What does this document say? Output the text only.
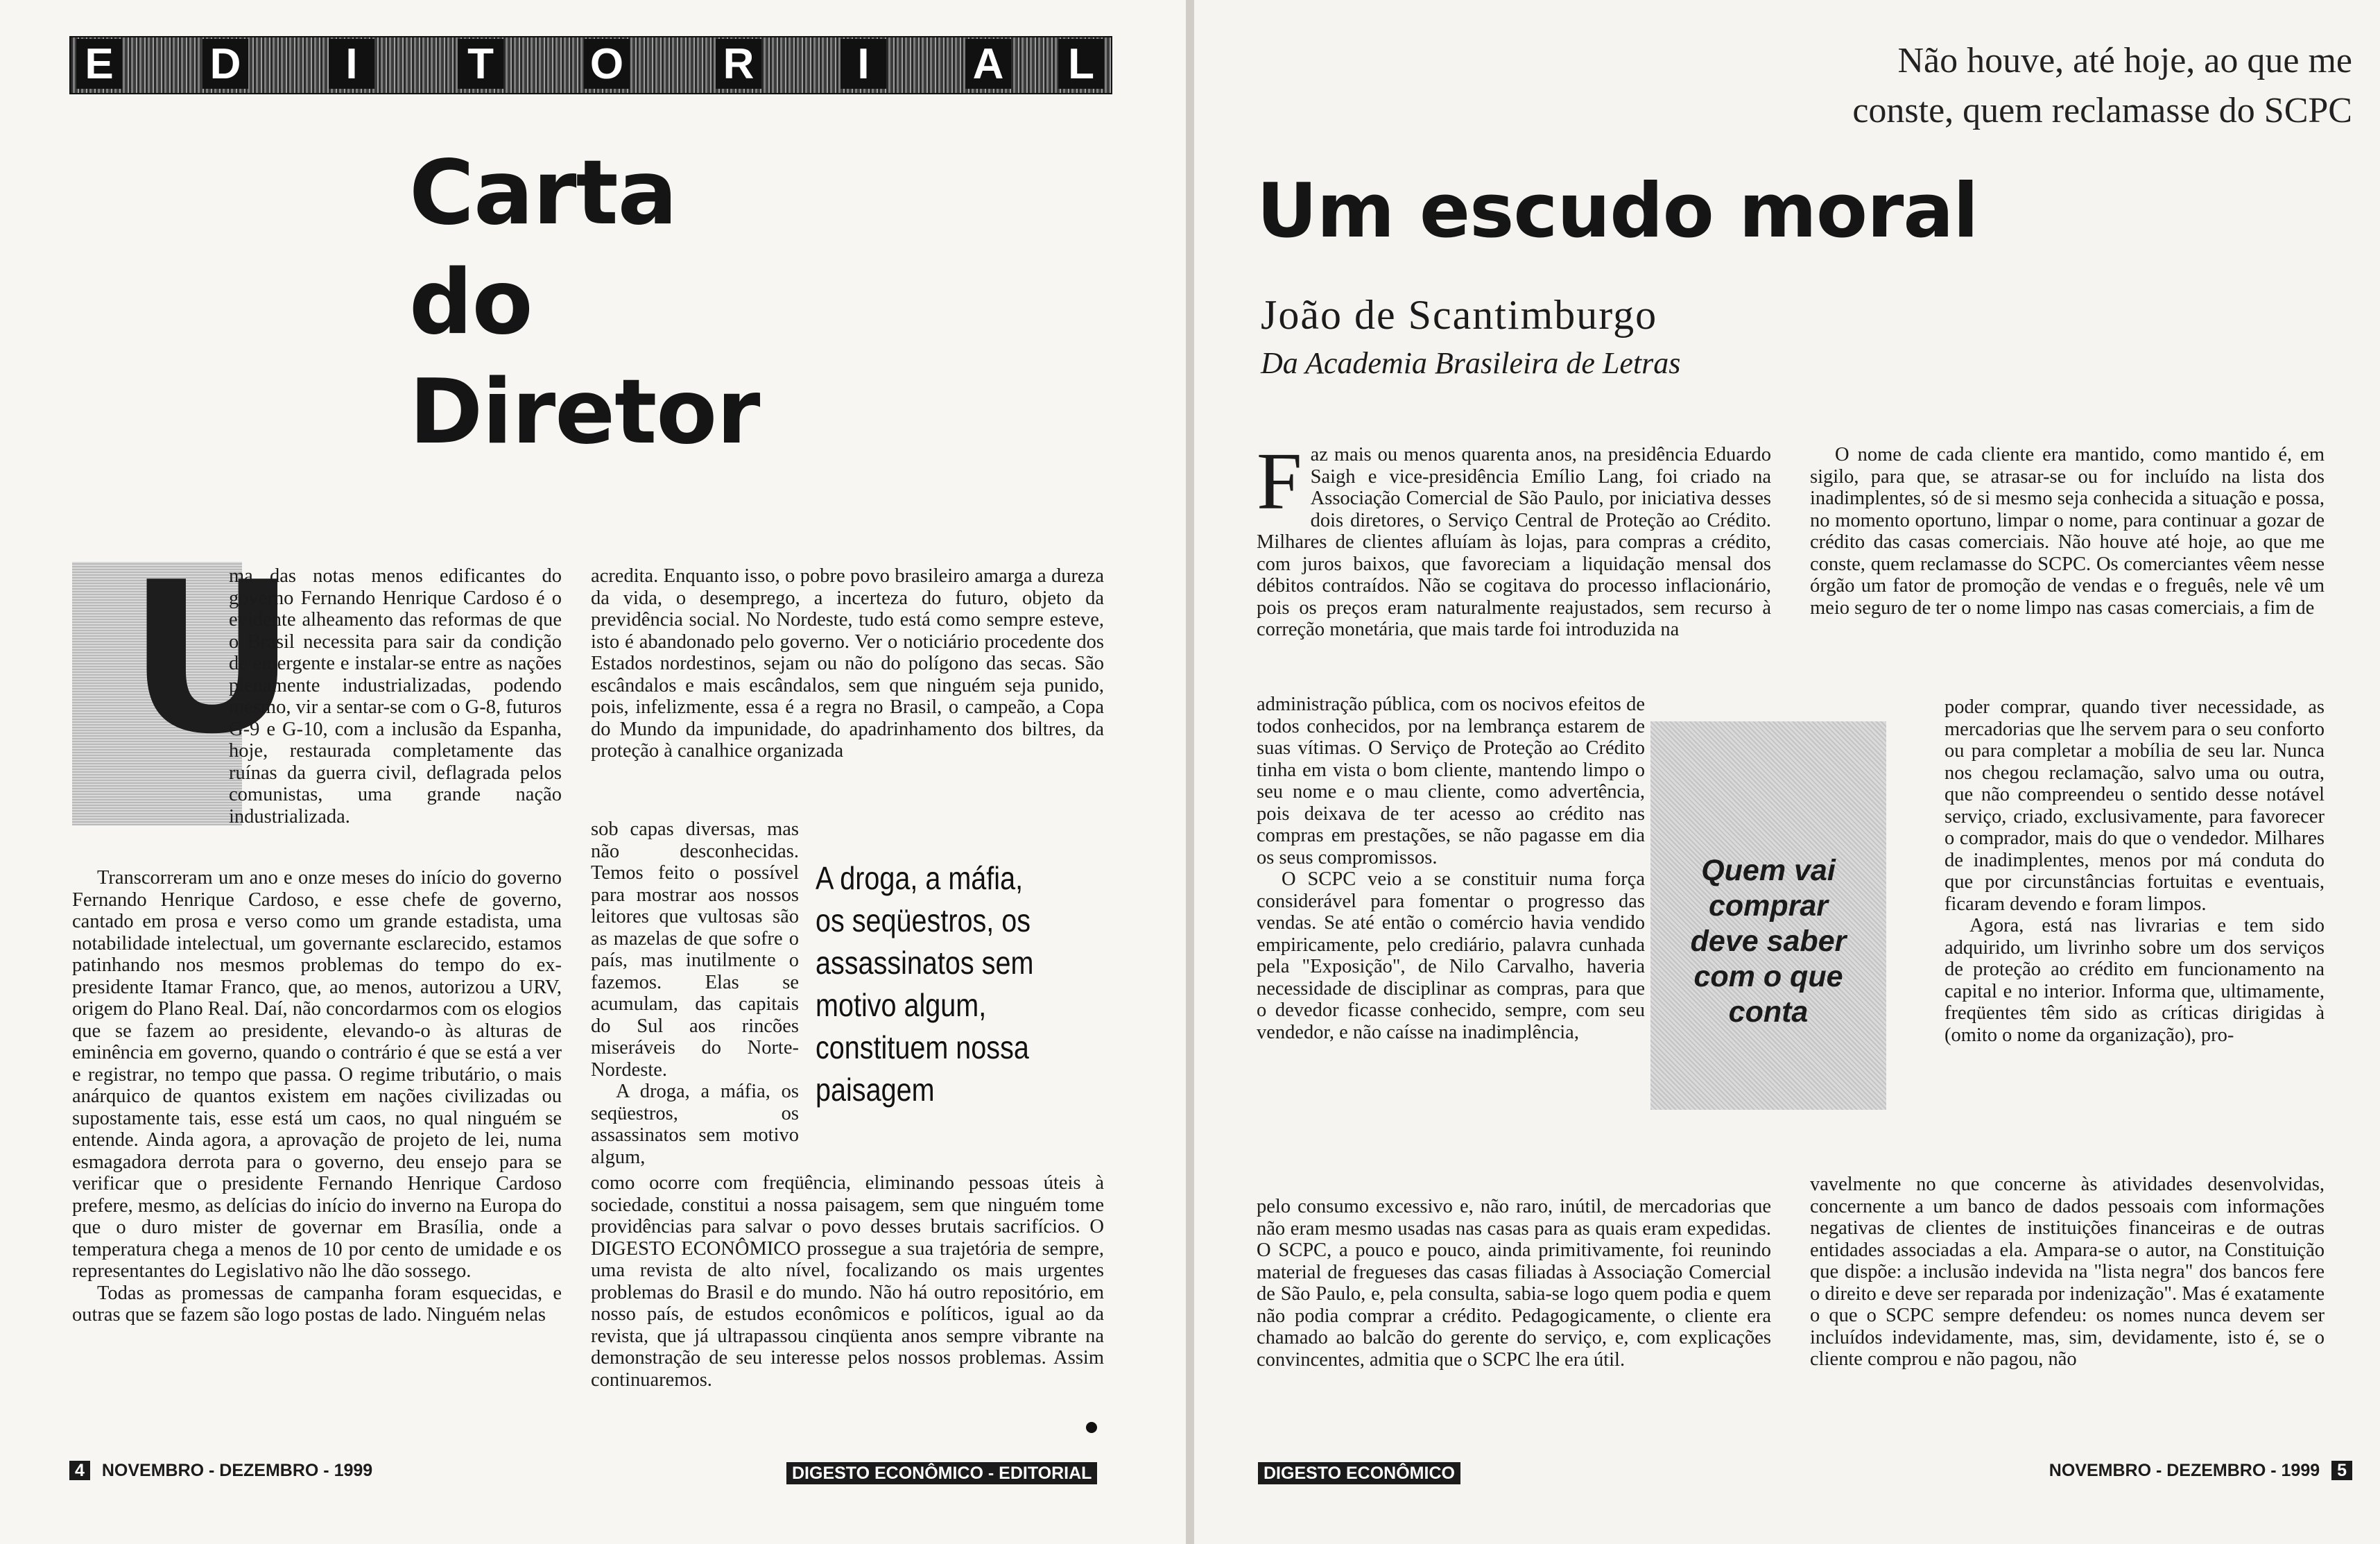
E D	I	T O R	I	A L
Carta
do
Diretor
U

ma das notas menos edificantes do governo Fernando Henrique Cardoso é o evidente alheamento das reformas de que o Brasil necessita para sair da condição de emergente e instalar-se entre as nações plenamente industrializadas, podendo mesmo, vir a sentar-se com o G-8, futuros G-9 e G-10, com a inclusão da Espanha, hoje, restaurada completamente das ruínas da guerra civil, deflagrada pelos comunistas, uma grande nação industrializada.

Transcorreram um ano e onze meses do início do governo Fernando Henrique Cardoso, e esse chefe de governo, cantado em prosa e verso como um grande estadista, uma notabilidade intelectual, um governante esclarecido, estamos patinhando nos mesmos problemas do tempo do ex-presidente Itamar Franco, que, ao menos, autorizou a URV, origem do Plano Real. Daí, não concordarmos com os elogios que se fazem ao presidente, elevando-o às alturas de eminência em governo, quando o contrário é que se está a ver e registrar, no tempo que passa. O regime tributário, o mais anárquico de quantos existem em nações civilizadas ou supostamente tais, esse está um caos, no qual ninguém se entende. Ainda agora, a aprovação de projeto de lei, numa esmagadora derrota para o governo, deu ensejo para se verificar que o presidente Fernando Henrique Cardoso prefere, mesmo, as delícias do início do inverno na Europa do que o duro mister de governar em Brasília, onde a temperatura chega a menos de 10 por cento de umidade e os representantes do Legislativo não lhe dão sossego.

Todas as promessas de campanha foram esquecidas, e outras que se fazem são logo postas de lado. Ninguém nelas

acredita. Enquanto isso, o pobre povo brasileiro amarga a dureza da vida, o desemprego, a incerteza do futuro, objeto da previdência social. No Nordeste, tudo está como sempre esteve, isto é abandonado pelo governo. Ver o noticiário procedente dos Estados nordestinos, sejam ou não do polígono das secas. São escândalos e mais escândalos, sem que ninguém seja punido, pois, infelizmente, essa é a regra no Brasil, o campeão, a Copa do Mundo da impunidade, do apadrinhamento dos biltres, da proteção à canalhice organizada

sob capas diversas, mas não desconhecidas. Temos feito o possível para mostrar aos nossos leitores que vultosas são as mazelas de que sofre o país, mas inutilmente o fazemos. Elas se acumulam, das capitais do Sul aos rincões miseráveis do Norte-Nordeste.

A droga, a máfia, os seqüestros, os assassinatos sem motivo algum,

como ocorre com freqüência, eliminando pessoas úteis à sociedade, constitui a nossa paisagem, sem que ninguém tome providências para salvar o povo desses brutais sacrifícios. O DIGESTO ECONÔMICO prossegue a sua trajetória de sempre, uma revista de alto nível, focalizando os mais urgentes problemas do Brasil e do mundo. Não há outro repositório, em nosso país, de estudos econômicos e políticos, igual ao da revista, que já ultrapassou cinqüenta anos sempre vibrante na demonstração de seu interesse pelos nossos problemas. Assim continuaremos.

A droga, a máfia,
os seqüestros, os
assassinatos sem
motivo algum,
constituem nossa
paisagem
4 NOVEMBRO - DEZEMBRO - 1999	DIGESTO ECONÔMICO - EDITORIAL
Não houve, até hoje, ao que me
conste, quem reclamasse do SCPC
Um escudo moral
João de Scantimburgo
Da Academia Brasileira de Letras
F az mais ou menos quarenta anos, na presidência Eduardo Saigh e vice-presidência Emílio Lang, foi criado na Associação Comercial de São Paulo, por iniciativa desses dois diretores, o Serviço Central de Proteção ao Crédito. Milhares de clientes afluíam às lojas, para compras a crédito, com juros baixos, que favoreciam a liquidação mensal dos débitos contraídos. Não se cogitava do processo inflacionário, pois os preços eram naturalmente reajustados, sem recurso à correção monetária, que mais tarde foi introduzida na

administração pública, com os nocivos efeitos de todos conhecidos, por na lembrança estarem de suas vítimas. O Serviço de Proteção ao Crédito tinha em vista o bom cliente, mantendo limpo o seu nome e o mau cliente, como advertência, pois deixava de ter acesso ao crédito nas compras em prestações, se não pagasse em dia os seus compromissos.

O SCPC veio a se constituir numa força considerável para fomentar o progresso das vendas. Se até então o comércio havia vendido empiricamente, pelo crediário, palavra cunhada pela "Exposição", de Nilo Carvalho, haveria necessidade de disciplinar as compras, para que o devedor ficasse conhecido, sempre, com seu vendedor, e não caísse na inadimplência,

pelo consumo excessivo e, não raro, inútil, de mercadorias que não eram mesmo usadas nas casas para as quais eram expedidas. O SCPC, a pouco e pouco, ainda primitivamente, foi reunindo material de fregueses das casas filiadas à Associação Comercial de São Paulo, e, pela consulta, sabia-se logo quem podia e quem não podia comprar a crédito. Pedagogicamente, o cliente era chamado ao balcão do gerente do serviço, e, com explicações convincentes, admitia que o SCPC lhe era útil.

O nome de cada cliente era mantido, como mantido é, em sigilo, para que, se atrasar-se ou for incluído na lista dos inadimplentes, só de si mesmo seja conhecida a situação e possa, no momento oportuno, limpar o nome, para continuar a gozar de crédito das casas comerciais. Não houve até hoje, ao que me conste, quem reclamasse do SCPC. Os comerciantes vêem nesse órgão um fator de promoção de vendas e o freguês, nele vê um meio seguro de ter o nome limpo nas casas comerciais, a fim de

poder comprar, quando tiver necessidade, as mercadorias que lhe servem para o seu conforto ou para completar a mobília de seu lar. Nunca nos chegou reclamação, salvo uma ou outra, que não compreendeu o sentido desse notável serviço, criado, exclusivamente, para favorecer o comprador, mais do que o vendedor. Milhares de inadimplentes, menos por má conduta do que por circunstâncias fortuitas e eventuais, ficaram devendo e foram limpos.

Agora, está nas livrarias e tem sido adquirido, um livrinho sobre um dos serviços de proteção ao crédito em funcionamento na capital e no interior. Informa que, ultimamente, freqüentes têm sido as críticas dirigidas à (omito o nome da organização), pro-

vavelmente no que concerne às atividades desenvolvidas, concernente a um banco de dados pessoais com informações negativas de clientes de instituições financeiras e de outras entidades associadas a ela. Ampara-se o autor, na Constituição que dispõe: a inclusão indevida na "lista negra" dos bancos fere o direito e deve ser reparada por indenização". Mas é exatamente o que o SCPC sempre defendeu: os nomes nunca devem ser incluídos indevidamente, mas, sim, devidamente, isto é, se o cliente comprou e não pagou, não

DIGESTO ECONÔMICO	NOVEMBRO - DEZEMBRO - 1999 5
Quem vai
comprar
deve saber
com o que
conta
